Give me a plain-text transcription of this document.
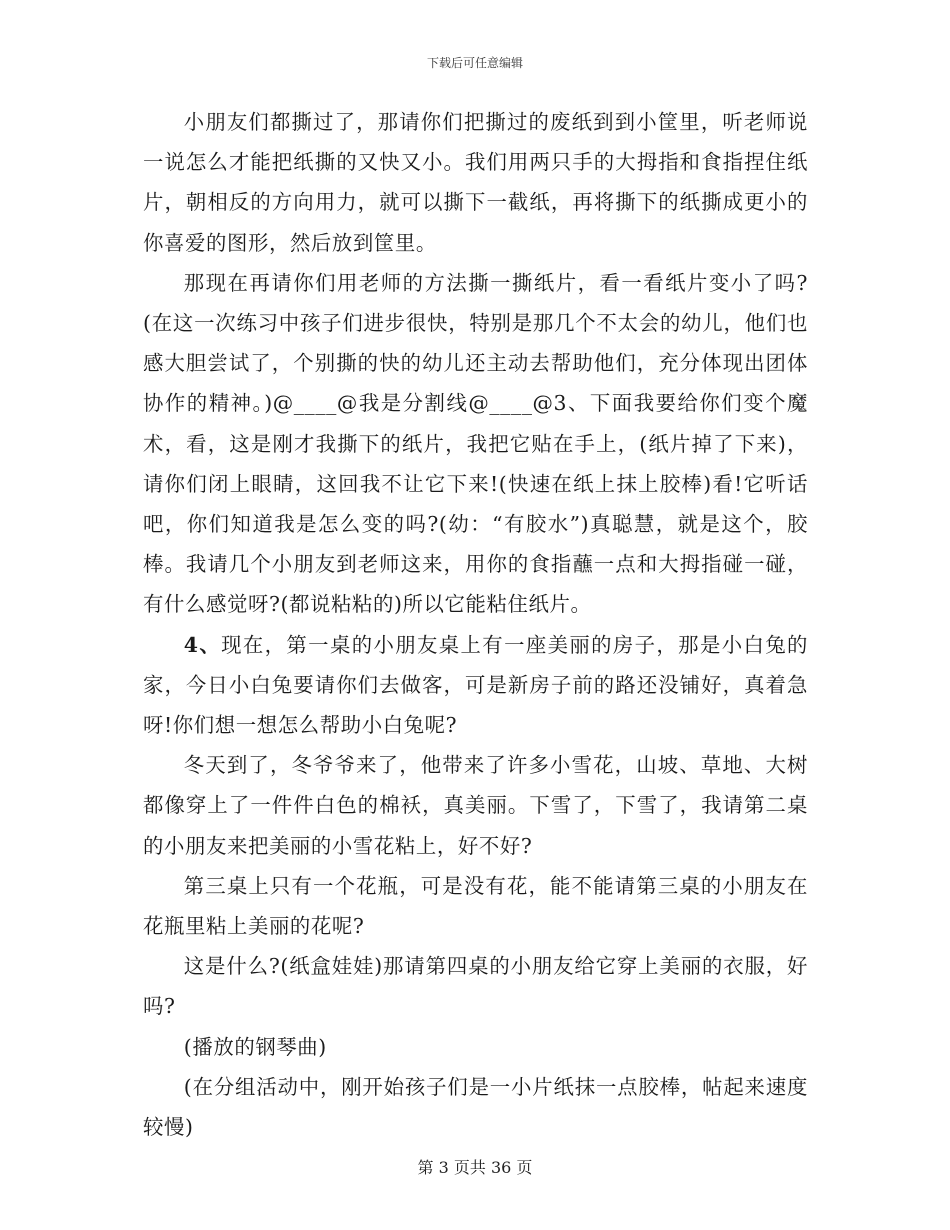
下载后可任意编辑

小朋友们都撕过了，那请你们把撕过的废纸到到小筐里，听老师说一说怎么才能把纸撕的又快又小。我们用两只手的大拇指和食指捏住纸片，朝相反的方向用力，就可以撕下一截纸，再将撕下的纸撕成更小的你喜爱的图形，然后放到筐里。

那现在再请你们用老师的方法撕一撕纸片，看一看纸片变小了吗?(在这一次练习中孩子们进步很快，特别是那几个不太会的幼儿，他们也感大胆尝试了，个别撕的快的幼儿还主动去帮助他们，充分体现出团体协作的精神。)@____@我是分割线@____@3、下面我要给你们变个魔术，看，这是刚才我撕下的纸片，我把它贴在手上，(纸片掉了下来)，请你们闭上眼睛，这回我不让它下来!(快速在纸上抹上胶棒)看!它听话吧，你们知道我是怎么变的吗?(幼：“有胶水”)真聪慧，就是这个，胶棒。我请几个小朋友到老师这来，用你的食指蘸一点和大拇指碰一碰，有什么感觉呀?(都说粘粘的)所以它能粘住纸片。

4、现在，第一桌的小朋友桌上有一座美丽的房子，那是小白兔的家，今日小白兔要请你们去做客，可是新房子前的路还没铺好，真着急呀!你们想一想怎么帮助小白兔呢?

冬天到了，冬爷爷来了，他带来了许多小雪花，山坡、草地、大树都像穿上了一件件白色的棉袄，真美丽。下雪了，下雪了，我请第二桌的小朋友来把美丽的小雪花粘上，好不好?

第三桌上只有一个花瓶，可是没有花，能不能请第三桌的小朋友在花瓶里粘上美丽的花呢?

这是什么?(纸盒娃娃)那请第四桌的小朋友给它穿上美丽的衣服，好吗?

(播放的钢琴曲)

(在分组活动中，刚开始孩子们是一小片纸抹一点胶棒，帖起来速度较慢)

第 3 页共 36 页
